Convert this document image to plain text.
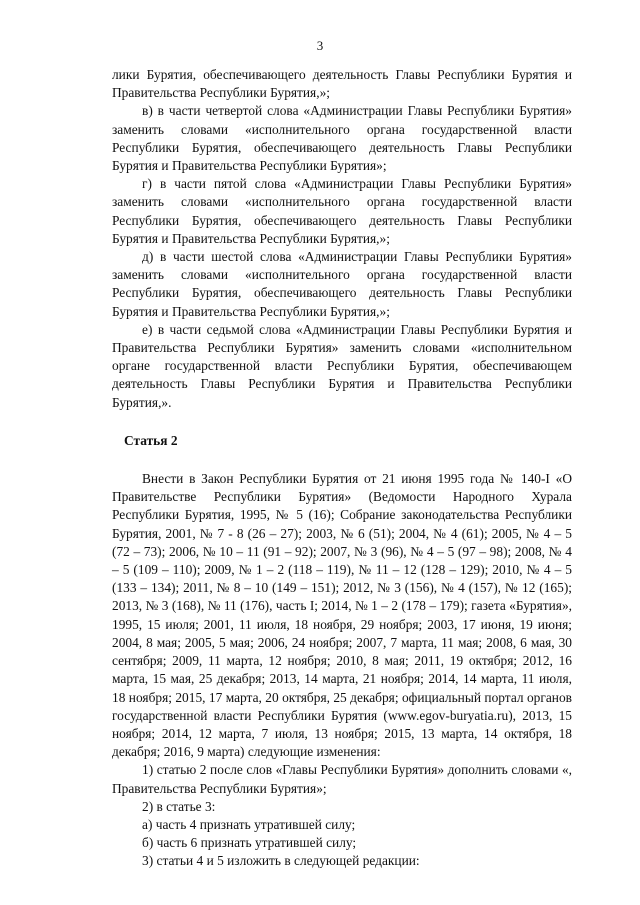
3

лики Бурятия, обеспечивающего деятельность Главы Республики Бурятия и Правительства Республики Бурятия,»;

в) в части четвертой слова «Администрации Главы Республики Бурятия» заменить словами «исполнительного органа государственной власти Республики Бурятия, обеспечивающего деятельность Главы Республики Бурятия и Правительства Республики Бурятия»;

г) в части пятой слова «Администрации Главы Республики Бурятия» заменить словами «исполнительного органа государственной власти Республики Бурятия, обеспечивающего деятельность Главы Республики Бурятия и Правительства Республики Бурятия,»;

д) в части шестой слова «Администрации Главы Республики Бурятия» заменить словами «исполнительного органа государственной власти Республики Бурятия, обеспечивающего деятельность Главы Республики Бурятия и Правительства Республики Бурятия,»;

е) в части седьмой слова «Администрации Главы Республики Бурятия и Правительства Республики Бурятия» заменить словами «исполнительном органе государственной власти Республики Бурятия, обеспечивающем деятельность Главы Республики Бурятия и Правительства Республики Бурятия,».

Статья 2

Внести в Закон Республики Бурятия от 21 июня 1995 года № 140-I «О Правительстве Республики Бурятия» (Ведомости Народного Хурала Республики Бурятия, 1995, № 5 (16); Собрание законодательства Республики Бурятия, 2001, № 7 - 8 (26 – 27); 2003, № 6 (51); 2004, № 4 (61); 2005, № 4 – 5 (72 – 73); 2006, № 10 – 11 (91 – 92); 2007, № 3 (96), № 4 – 5 (97 – 98); 2008, № 4 – 5 (109 – 110); 2009, № 1 – 2 (118 – 119), № 11 – 12 (128 – 129); 2010, № 4 – 5 (133 – 134); 2011, № 8 – 10 (149 – 151); 2012, № 3 (156), № 4 (157), № 12 (165); 2013, № 3 (168), № 11 (176), часть I; 2014, № 1 – 2 (178 – 179); газета «Бурятия», 1995, 15 июля; 2001, 11 июля, 18 ноября, 29 ноября; 2003, 17 июня, 19 июня; 2004, 8 мая; 2005, 5 мая; 2006, 24 ноября; 2007, 7 марта, 11 мая; 2008, 6 мая, 30 сентября; 2009, 11 марта, 12 ноября; 2010, 8 мая; 2011, 19 октября; 2012, 16 марта, 15 мая, 25 декабря; 2013, 14 марта, 21 ноября; 2014, 14 марта, 11 июля, 18 ноября; 2015, 17 марта, 20 октября, 25 декабря; официальный портал органов государственной власти Республики Бурятия (www.egov-buryatia.ru), 2013, 15 ноября; 2014, 12 марта, 7 июля, 13 ноября; 2015, 13 марта, 14 октября, 18 декабря; 2016, 9 марта) следующие изменения:

1) статью 2 после слов «Главы Республики Бурятия» дополнить словами «, Правительства Республики Бурятия»;

2) в статье 3:

а) часть 4 признать утратившей силу;

б) часть 6 признать утратившей силу;

3) статьи 4 и 5 изложить в следующей редакции:
